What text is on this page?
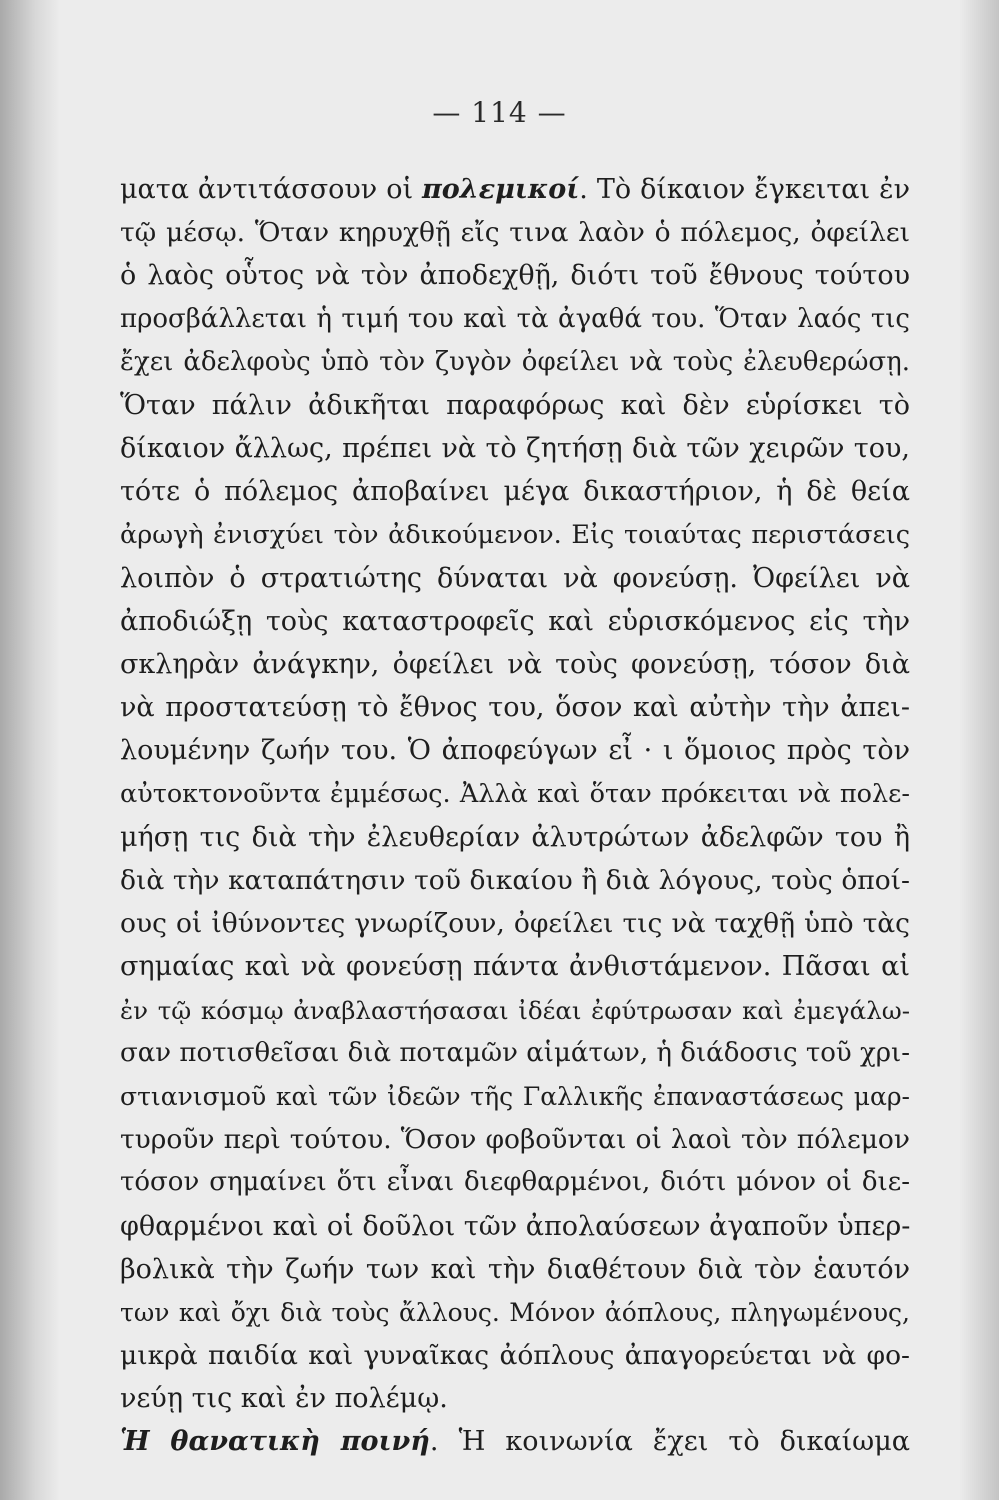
— 114 —
ματα ἀντιτάσσουν οἱ πολεμικοί. Τὸ δίκαιον ἔγκειται ἐν
τῷ μέσῳ. Ὅταν κηρυχθῇ εἴς τινα λαὸν ὁ πόλεμος, ὀφείλει
ὁ λαὸς οὗτος νὰ τὸν ἀποδεχθῇ, διότι τοῦ ἔθνους τούτου
προσβάλλεται ἡ τιμή του καὶ τὰ ἀγαθά του. Ὅταν λαός τις
ἔχει ἀδελφοὺς ὑπὸ τὸν ζυγὸν ὀφείλει νὰ τοὺς ἐλευθερώσῃ.
Ὅταν πάλιν ἀδικῆται παραφόρως καὶ δὲν εὑρίσκει τὸ
δίκαιον ἄλλως, πρέπει νὰ τὸ ζητήσῃ διὰ τῶν χειρῶν του,
τότε ὁ πόλεμος ἀποβαίνει μέγα δικαστήριον, ἡ δὲ θεία
ἀρωγὴ ἐνισχύει τὸν ἀδικούμενον. Εἰς τοιαύτας περιστάσεις
λοιπὸν ὁ στρατιώτης δύναται νὰ φονεύσῃ. Ὀφείλει νὰ
ἀποδιώξῃ τοὺς καταστροφεῖς καὶ εὑρισκόμενος εἰς τὴν
σκληρὰν ἀνάγκην, ὀφείλει νὰ τοὺς φονεύσῃ, τόσον διὰ
νὰ προστατεύσῃ τὸ ἔθνος του, ὅσον καὶ αὐτὴν τὴν ἀπει-
λουμένην ζωήν του. Ὁ ἀποφεύγων εἶ · ι ὅμοιος πρὸς τὸν
αὐτοκτονοῦντα ἐμμέσως. Ἀλλὰ καὶ ὅταν πρόκειται νὰ πολε-
μήσῃ τις διὰ τὴν ἐλευθερίαν ἀλυτρώτων ἀδελφῶν του ἢ
διὰ τὴν καταπάτησιν τοῦ δικαίου ἢ διὰ λόγους, τοὺς ὁποί-
ους οἱ ἰθύνοντες γνωρίζουν, ὀφείλει τις νὰ ταχθῇ ὑπὸ τὰς
σημαίας καὶ νὰ φονεύσῃ πάντα ἀνθιστάμενον. Πᾶσαι αἱ
ἐν τῷ κόσμῳ ἀναβλαστήσασαι ἰδέαι ἐφύτρωσαν καὶ ἐμεγάλω-
σαν ποτισθεῖσαι διὰ ποταμῶν αἱμάτων, ἡ διάδοσις τοῦ χρι-
στιανισμοῦ καὶ τῶν ἰδεῶν τῆς Γαλλικῆς ἐπαναστάσεως μαρ-
τυροῦν περὶ τούτου. Ὅσον φοβοῦνται οἱ λαοὶ τὸν πόλεμον
τόσον σημαίνει ὅτι εἶναι διεφθαρμένοι, διότι μόνον οἱ διε-
φθαρμένοι καὶ οἱ δοῦλοι τῶν ἀπολαύσεων ἀγαποῦν ὑπερ-
βολικὰ τὴν ζωήν των καὶ τὴν διαθέτουν διὰ τὸν ἑαυτόν
των καὶ ὄχι διὰ τοὺς ἄλλους. Μόνον ἀόπλους, πληγωμένους,
μικρὰ παιδία καὶ γυναῖκας ἀόπλους ἀπαγορεύεται νὰ φο-
νεύῃ τις καὶ ἐν πολέμῳ.
Ἡ θανατικὴ ποινή. Ἡ κοινωνία ἔχει τὸ δικαίωμα
